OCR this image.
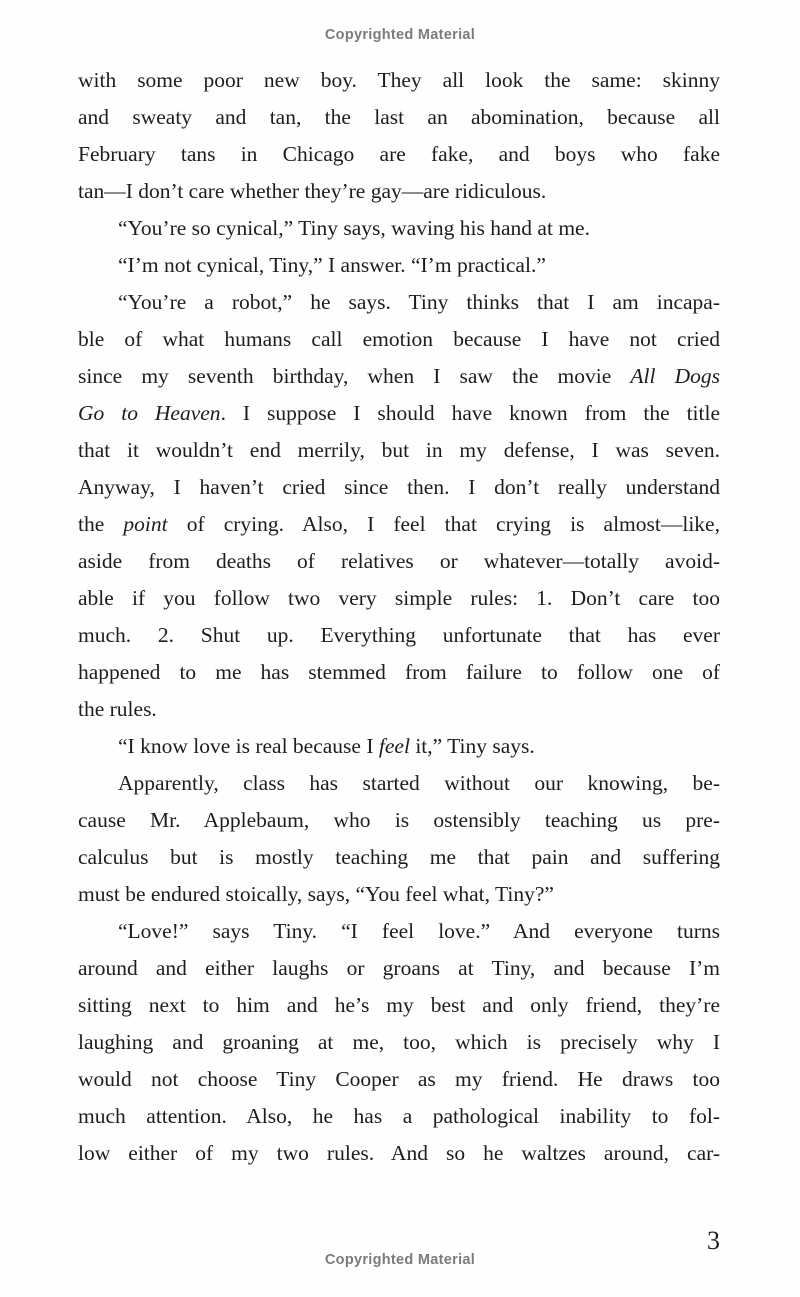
Copyrighted Material
with some poor new boy. They all look the same: skinny
and sweaty and tan, the last an abomination, because all
February tans in Chicago are fake, and boys who fake
tan—I don’t care whether they’re gay—are ridiculous.
“You’re so cynical,” Tiny says, waving his hand at me.
“I’m not cynical, Tiny,” I answer. “I’m practical.”
“You’re a robot,” he says. Tiny thinks that I am incapa-
ble of what humans call emotion because I have not cried
since my seventh birthday, when I saw the movie All Dogs
Go to Heaven. I suppose I should have known from the title
that it wouldn’t end merrily, but in my defense, I was seven.
Anyway, I haven’t cried since then. I don’t really understand
the point of crying. Also, I feel that crying is almost—like,
aside from deaths of relatives or whatever—totally avoid-
able if you follow two very simple rules: 1. Don’t care too
much. 2. Shut up. Everything unfortunate that has ever
happened to me has stemmed from failure to follow one of
the rules.
“I know love is real because I feel it,” Tiny says.
Apparently, class has started without our knowing, be-
cause Mr. Applebaum, who is ostensibly teaching us pre-
calculus but is mostly teaching me that pain and suffering
must be endured stoically, says, “You feel what, Tiny?”
“Love!” says Tiny. “I feel love.” And everyone turns
around and either laughs or groans at Tiny, and because I’m
sitting next to him and he’s my best and only friend, they’re
laughing and groaning at me, too, which is precisely why I
would not choose Tiny Cooper as my friend. He draws too
much attention. Also, he has a pathological inability to fol-
low either of my two rules. And so he waltzes around, car-
3
Copyrighted Material
